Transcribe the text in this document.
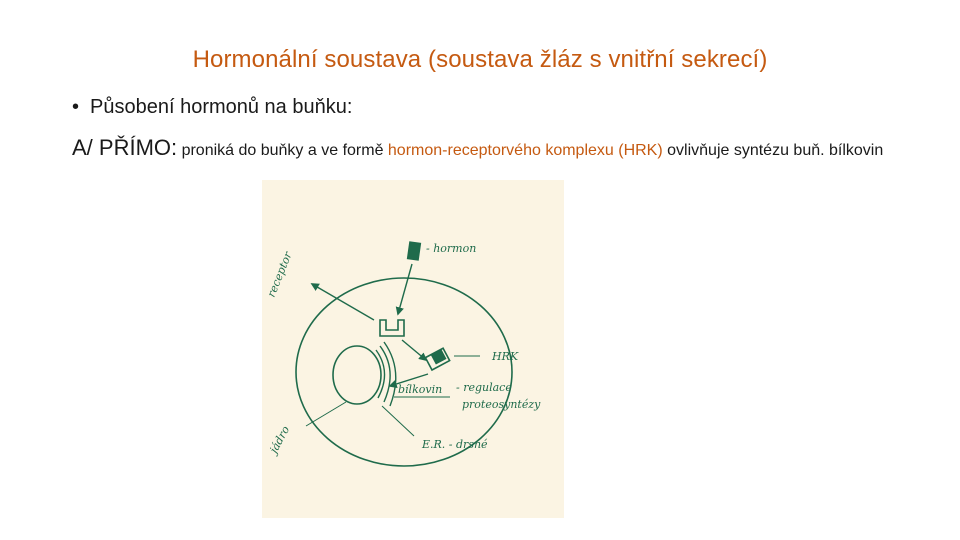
Hormonální soustava (soustava žláz s vnitřní sekrecí)
• Působení hormonů na buňku:
A/ PŘÍMO: proniká do buňky a ve formě hormon-receptorvého komplexu (HRK) ovlivňuje syntézu buň. bílkovin
- hormon
receptor
HRK
bílkovin - regulace
proteosyntézy
jádro	E.R. - drsné
